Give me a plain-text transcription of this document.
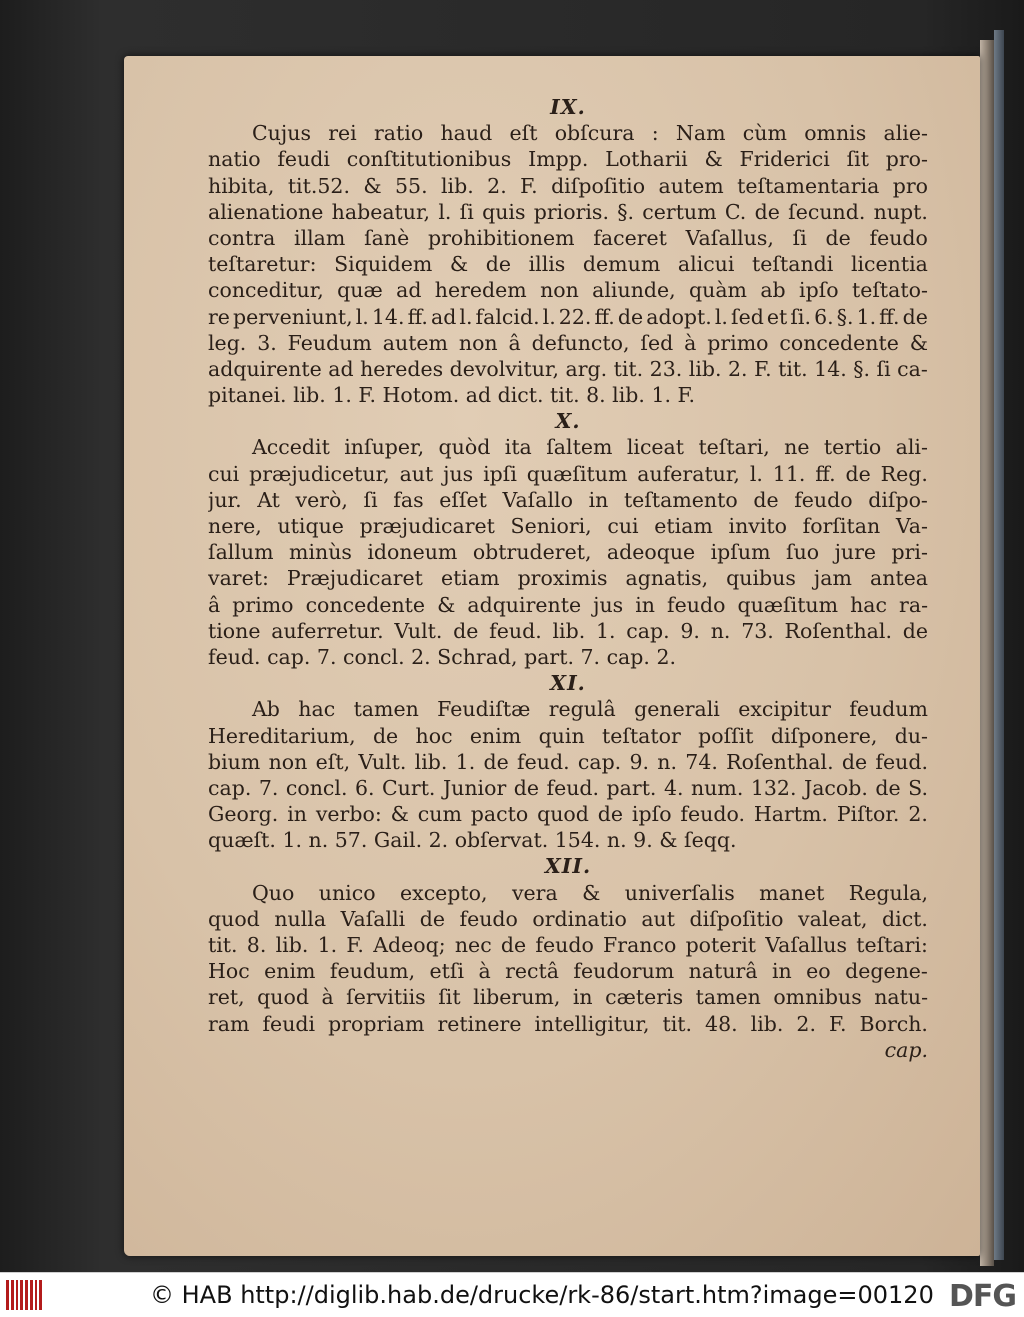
IX.
Cujus rei ratio haud eſt obſcura : Nam cùm omnis alie-
natio feudi conſtitutionibus Impp. Lotharii & Friderici ſit pro-
hibita, tit.52. & 55. lib. 2. F. diſpoſitio autem teſtamentaria pro
alienatione habeatur, l. ſi quis prioris. §. certum C. de ſecund. nupt.
contra illam ſanè prohibitionem faceret Vaſallus, ſi de feudo
teſtaretur: Siquidem & de illis demum alicui teſtandi licentia
conceditur, quæ ad heredem non aliunde, quàm ab ipſo teſtato-
re perveniunt, l. 14. ff. ad l. falcid. l. 22. ff. de adopt. l. ſed et ſi. 6. §. 1. ff. de
leg. 3. Feudum autem non â defuncto, ſed à primo concedente &
adquirente ad heredes devolvitur, arg. tit. 23. lib. 2. F. tit. 14. §. ſi ca-
pitanei. lib. 1. F. Hotom. ad dict. tit. 8. lib. 1. F.
X.
Accedit inſuper, quòd ita ſaltem liceat teſtari, ne tertio ali-
cui præjudicetur, aut jus ipſi quæſitum auferatur, l. 11. ff. de Reg.
jur. At verò, ſi fas eſſet Vaſallo in teſtamento de feudo diſpo-
nere, utique præjudicaret Seniori, cui etiam invito forſitan Va-
ſallum minùs idoneum obtruderet, adeoque ipſum ſuo jure pri-
varet: Præjudicaret etiam proximis agnatis, quibus jam antea
â primo concedente & adquirente jus in feudo quæſitum hac ra-
tione auferretur. Vult. de feud. lib. 1. cap. 9. n. 73. Roſenthal. de
feud. cap. 7. concl. 2. Schrad, part. 7. cap. 2.
XI.
Ab hac tamen Feudiſtæ regulâ generali excipitur feudum
Hereditarium, de hoc enim quin teſtator poſſit diſponere, du-
bium non eſt, Vult. lib. 1. de feud. cap. 9. n. 74. Roſenthal. de feud.
cap. 7. concl. 6. Curt. Junior de feud. part. 4. num. 132. Jacob. de S.
Georg. in verbo: & cum pacto quod de ipſo feudo. Hartm. Piſtor. 2.
quæſt. 1. n. 57. Gail. 2. obſervat. 154. n. 9. & ſeqq.
XII.
Quo unico excepto, vera & univerſalis manet Regula,
quod nulla Vaſalli de feudo ordinatio aut diſpoſitio valeat, dict.
tit. 8. lib. 1. F. Adeoq; nec de feudo Franco poterit Vaſallus teſtari:
Hoc enim feudum, etſi à rectâ feudorum naturâ in eo degene-
ret, quod à ſervitiis ſit liberum, in cæteris tamen omnibus natu-
ram feudi propriam retinere intelligitur, tit. 48. lib. 2. F. Borch.
cap.
© HAB http://diglib.hab.de/drucke/rk-86/start.htm?image=00120 DFG
